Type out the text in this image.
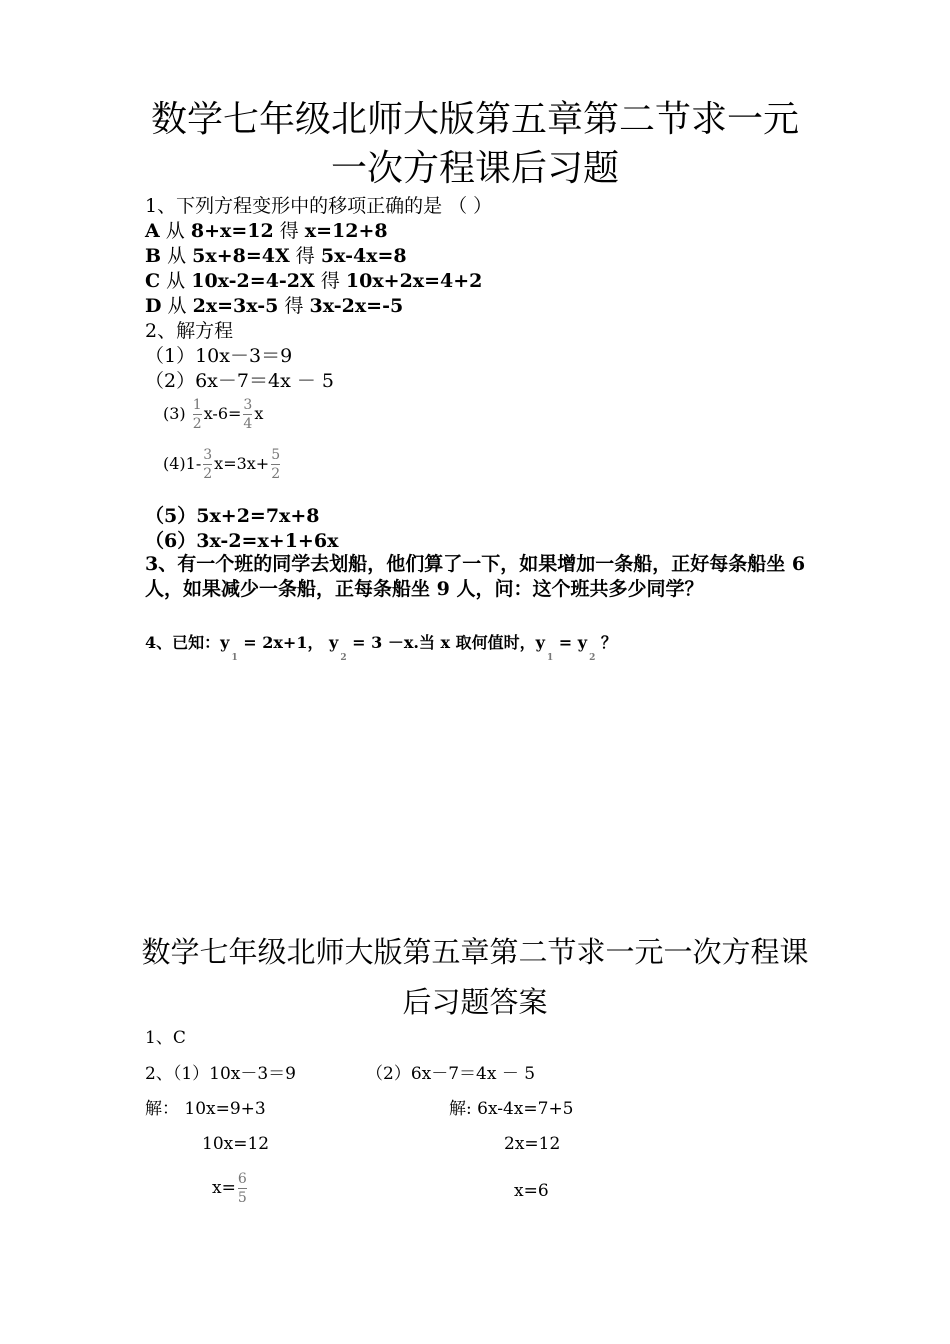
数学七年级北师大版第五章第二节求一元
一次方程课后习题
1、下列方程变形中的移项正确的是 （ ）
A 从 8+x=12 得 x=12+8
B 从 5x+8=4X 得 5x-4x=8
C 从 10x-2=4-2X 得 10x+2x=4+2
D 从 2x=3x-5 得 3x-2x=-5
2、解方程
（1）10x－3＝9
（2）6x－7＝4x － 5
$(3) \frac{1}{2} x-6= \frac{3}{4}$ x
$(4)1- \frac{3}{2} x=3x+ \frac{5}{2}$
（5）5x+2=7x+8
（6）3x-2=x+1+6x
3、有一个班的同学去划船，他们算了一下，如果增加一条船，正好每条船坐 6 人，如果减少一条船，正每条船坐 9 人，问：这个班共多少同学？
4、已知：$y_1 = 2x+1$， $y_2 = 3 -x$.当 x 取何值时，$y_1 = y_2$ ？
数学七年级北师大版第五章第二节求一元一次方程课
后习题答案
1、C
2、（1）10x－3＝9	（2）6x－7＝4x － 5
解： 10x=9+3
10x=12
$x= \frac{6}{5}$
解: 6x-4x=7+5
2x=12
x=6
